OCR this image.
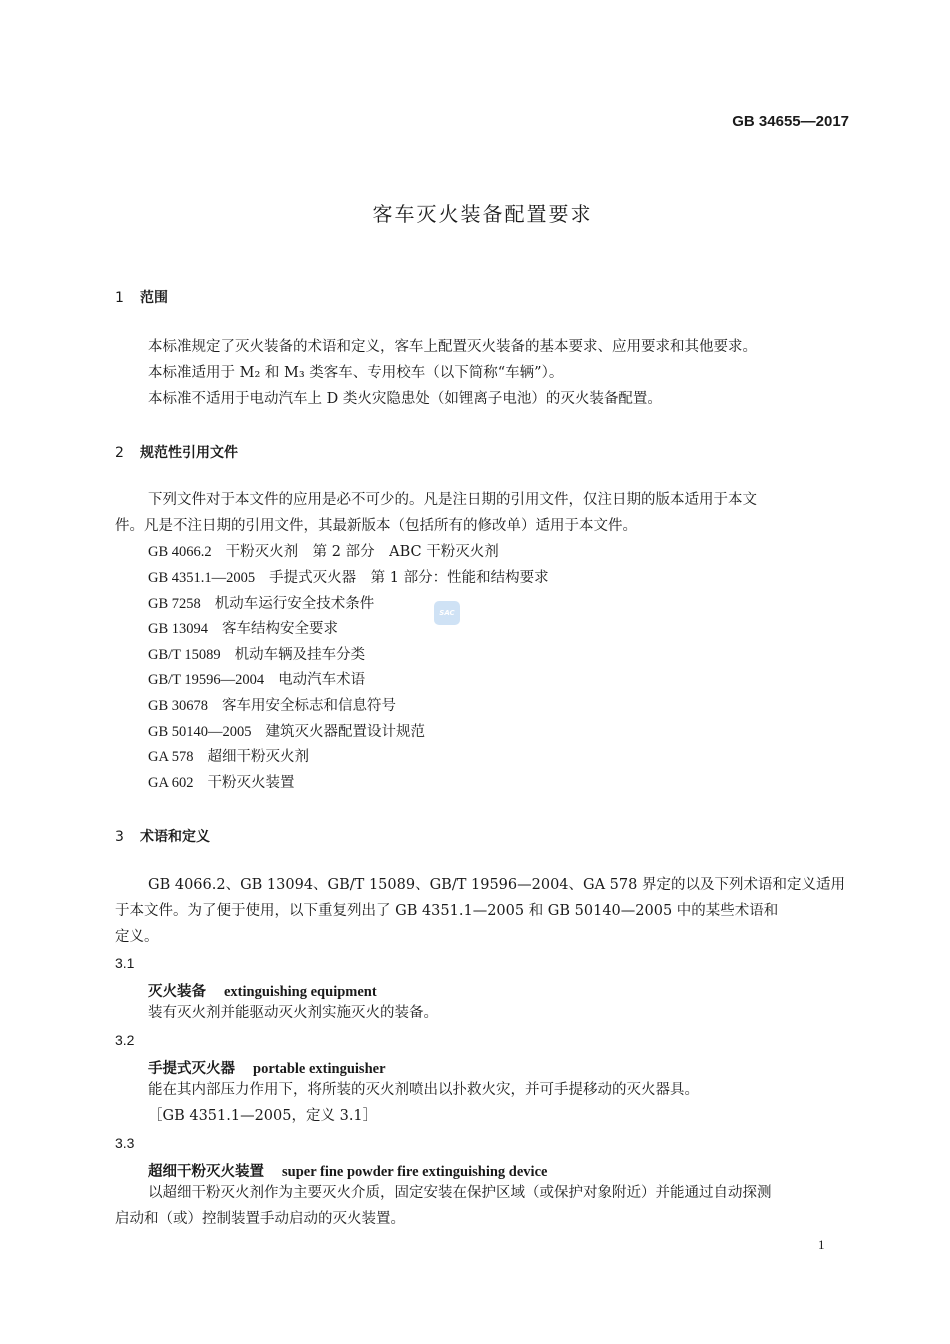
GB 34655—2017
客车灭火装备配置要求
SAC
1 范围
本标准规定了灭火装备的术语和定义，客车上配置灭火装备的基本要求、应用要求和其他要求。
本标准适用于 M₂ 和 M₃ 类客车、专用校车（以下简称“车辆”）。
本标准不适用于电动汽车上 D 类火灾隐患处（如锂离子电池）的灭火装备配置。
2 规范性引用文件
下列文件对于本文件的应用是必不可少的。凡是注日期的引用文件，仅注日期的版本适用于本文
件。凡是不注日期的引用文件，其最新版本（包括所有的修改单）适用于本文件。
GB 4066.2 干粉灭火剂　第 2 部分　ABC 干粉灭火剂
GB 4351.1—2005 手提式灭火器　第 1 部分：性能和结构要求
GB 7258 机动车运行安全技术条件
GB 13094 客车结构安全要求
GB/T 15089 机动车辆及挂车分类
GB/T 19596—2004 电动汽车术语
GB 30678 客车用安全标志和信息符号
GB 50140—2005 建筑灭火器配置设计规范
GA 578 超细干粉灭火剂
GA 602 干粉灭火装置
3 术语和定义
GB 4066.2、GB 13094、GB/T 15089、GB/T 19596—2004、GA 578 界定的以及下列术语和定义适用
于本文件。为了便于使用，以下重复列出了 GB 4351.1—2005 和 GB 50140—2005 中的某些术语和
定义。
3.1
灭火装备 extinguishing equipment
装有灭火剂并能驱动灭火剂实施灭火的装备。
3.2
手提式灭火器 portable extinguisher
能在其内部压力作用下，将所装的灭火剂喷出以扑救火灾，并可手提移动的灭火器具。
［GB 4351.1—2005，定义 3.1］
3.3
超细干粉灭火装置 super fine powder fire extinguishing device
以超细干粉灭火剂作为主要灭火介质，固定安装在保护区域（或保护对象附近）并能通过自动探测
启动和（或）控制装置手动启动的灭火装置。
1
